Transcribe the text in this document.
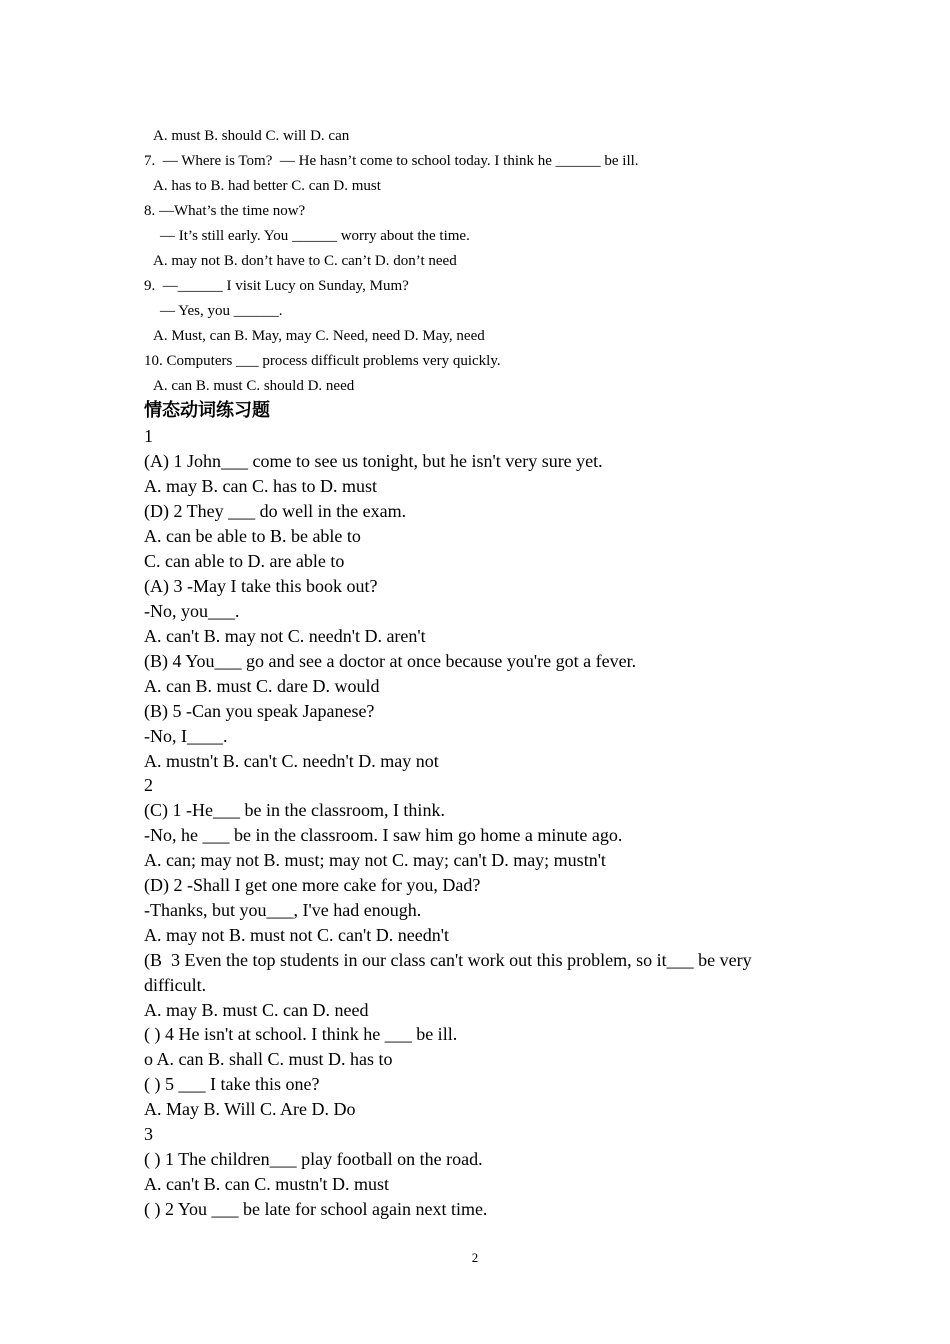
A. must B. should C. will D. can
7.  — Where is Tom?  — He hasn’t come to school today. I think he ______ be ill.
A. has to B. had better C. can D. must
8. —What’s the time now?
— It’s still early. You ______ worry about the time.
A. may not B. don’t have to C. can’t D. don’t need
9.  —______ I visit Lucy on Sunday, Mum?
— Yes, you ______.
A. Must, can B. May, may C. Need, need D. May, need
10. Computers ___ process difficult problems very quickly.
A. can B. must C. should D. need
情态动词练习题
1
(A) 1 John___ come to see us tonight, but he isn't very sure yet.
A. may B. can C. has to D. must
(D) 2 They ___ do well in the exam.
A. can be able to B. be able to
C. can able to D. are able to
(A) 3 -May I take this book out?
-No, you___.
A. can't B. may not C. needn't D. aren't
(B) 4 You___ go and see a doctor at once because you're got a fever.
A. can B. must C. dare D. would
(B) 5 -Can you speak Japanese?
-No, I____.
A. mustn't B. can't C. needn't D. may not
2
(C) 1 -He___ be in the classroom, I think.
-No, he ___ be in the classroom. I saw him go home a minute ago.
A. can; may not B. must; may not C. may; can't D. may; mustn't
(D) 2 -Shall I get one more cake for you, Dad?
-Thanks, but you___, I've had enough.
A. may not B. must not C. can't D. needn't
(B  3 Even the top students in our class can't work out this problem, so it___ be very
difficult.
A. may B. must C. can D. need
( ) 4 He isn't at school. I think he ___ be ill.
o A. can B. shall C. must D. has to
( ) 5 ___ I take this one?
A. May B. Will C. Are D. Do
3
( ) 1 The children___ play football on the road.
A. can't B. can C. mustn't D. must
( ) 2 You ___ be late for school again next time.
2
